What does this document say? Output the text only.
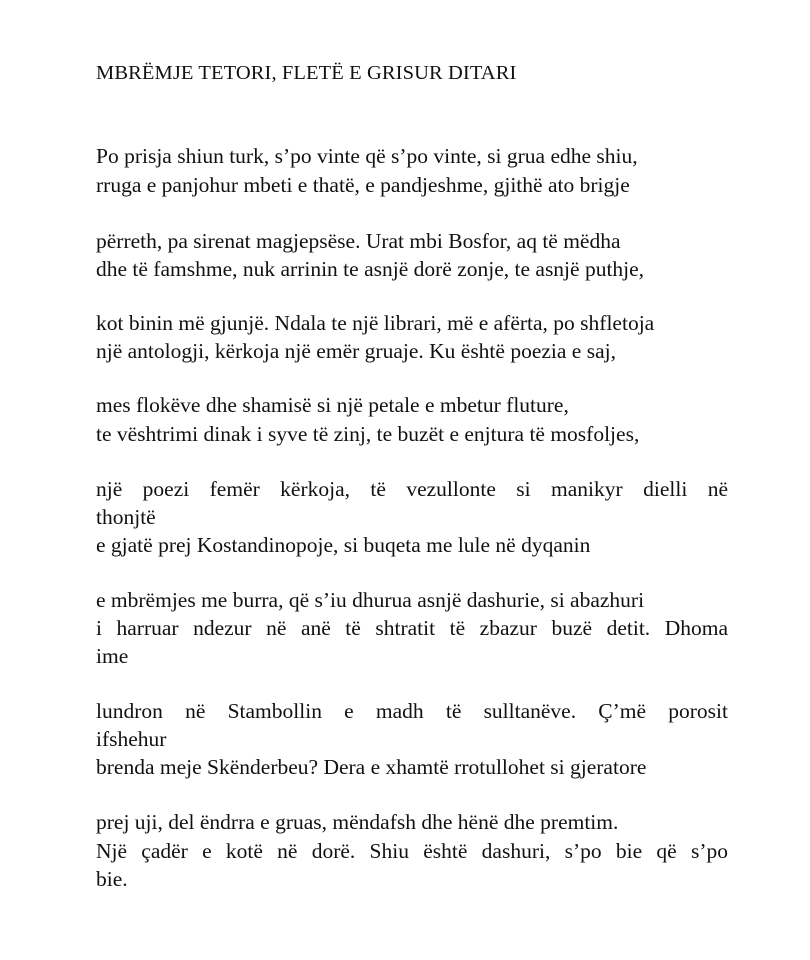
MBRËMJE TETORI, FLETË E GRISUR DITARI
Po prisja shiun turk, s’po vinte që s’po vinte, si grua edhe shiu,
rruga e panjohur mbeti e thatë, e pandjeshme, gjithë ato brigje
përreth, pa sirenat magjepsëse. Urat mbi Bosfor, aq të mëdha
dhe të famshme, nuk arrinin te asnjë dorë zonje, te asnjë puthje,
kot binin më gjunjë. Ndala te një librari, më e afërta, po shfletoja
një antologji, kërkoja një emër gruaje. Ku është poezia e saj,
mes flokëve dhe shamisë si një petale e mbetur fluture,
te vështrimi dinak i syve të zinj, te buzët e enjtura të mosfoljes,
një poezi femër kërkoja, të vezullonte si manikyr dielli në
thonjtë
e gjatë prej Kostandinopoje, si buqeta me lule në dyqanin
e mbrëmjes me burra, që s’iu dhurua asnjë dashurie, si abazhuri
i harruar ndezur në anë të shtratit të zbazur buzë detit. Dhoma
ime
lundron në Stambollin e madh të sulltanëve. Ç’më porosit
ifshehur
brenda meje Skënderbeu? Dera e xhamtë rrotullohet si gjeratore
prej uji, del ëndrra e gruas, mëndafsh dhe hënë dhe premtim.
Një çadër e kotë në dorë. Shiu është dashuri, s’po bie që s’po
bie.
